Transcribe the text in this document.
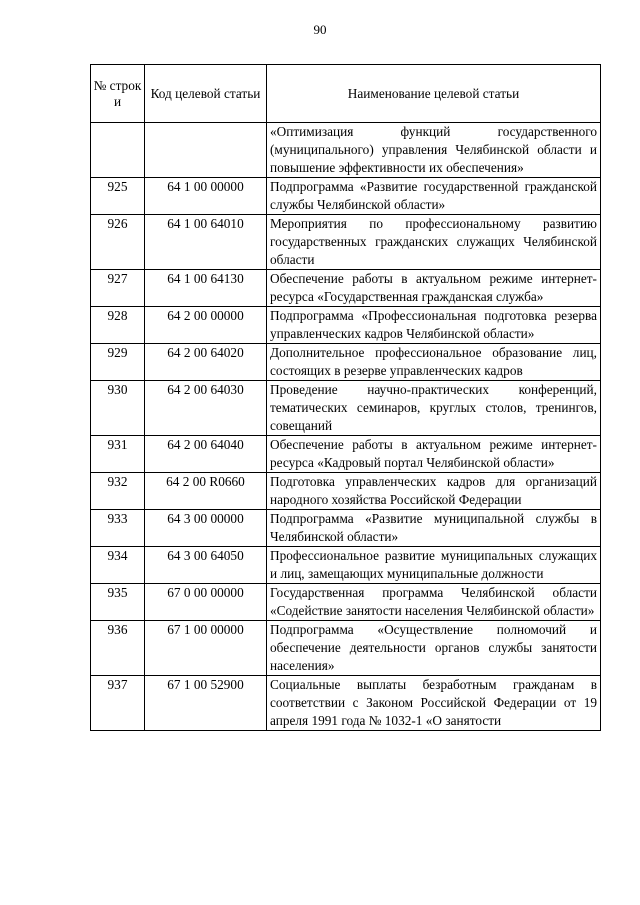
90
№ строк и	Код целевой статьи	Наименование целевой статьи
		«Оптимизация функций государственного (муниципального) управления Челябинской области и повышение эффективности их обеспечения»
925	64 1 00 00000	Подпрограмма «Развитие государственной гражданской службы Челябинской области»
926	64 1 00 64010	Мероприятия по профессиональному развитию государственных гражданских служащих Челябинской области
927	64 1 00 64130	Обеспечение работы в актуальном режиме интернет-ресурса «Государственная гражданская служба»
928	64 2 00 00000	Подпрограмма «Профессиональная подготовка резерва управленческих кадров Челябинской области»
929	64 2 00 64020	Дополнительное профессиональное образование лиц, состоящих в резерве управленческих кадров
930	64 2 00 64030	Проведение научно-практических конференций, тематических семинаров, круглых столов, тренингов, совещаний
931	64 2 00 64040	Обеспечение работы в актуальном режиме интернет-ресурса «Кадровый портал Челябинской области»
932	64 2 00 R0660	Подготовка управленческих кадров для организаций народного хозяйства Российской Федерации
933	64 3 00 00000	Подпрограмма «Развитие муниципальной службы в Челябинской области»
934	64 3 00 64050	Профессиональное развитие муниципальных служащих и лиц, замещающих муниципальные должности
935	67 0 00 00000	Государственная программа Челябинской области «Содействие занятости населения Челябинской области»
936	67 1 00 00000	Подпрограмма «Осуществление полномочий и обеспечение деятельности органов службы занятости населения»
937	67 1 00 52900	Социальные выплаты безработным гражданам в соответствии с Законом Российской Федерации от 19 апреля 1991 года № 1032-1 «О занятости
